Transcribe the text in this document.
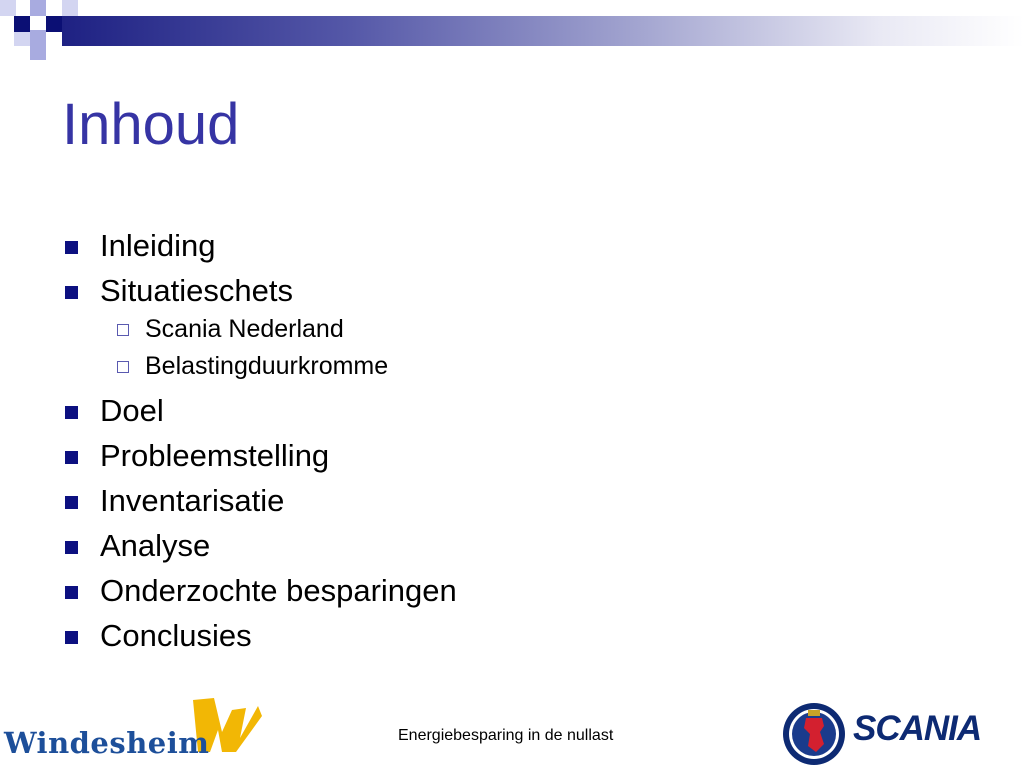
Inhoud
Inleiding
Situatieschets
Scania Nederland
Belastingduurkromme
Doel
Probleemstelling
Inventarisatie
Analyse
Onderzochte besparingen
Conclusies
Windesheim	Energiebesparing in de nullast	SCANIA
